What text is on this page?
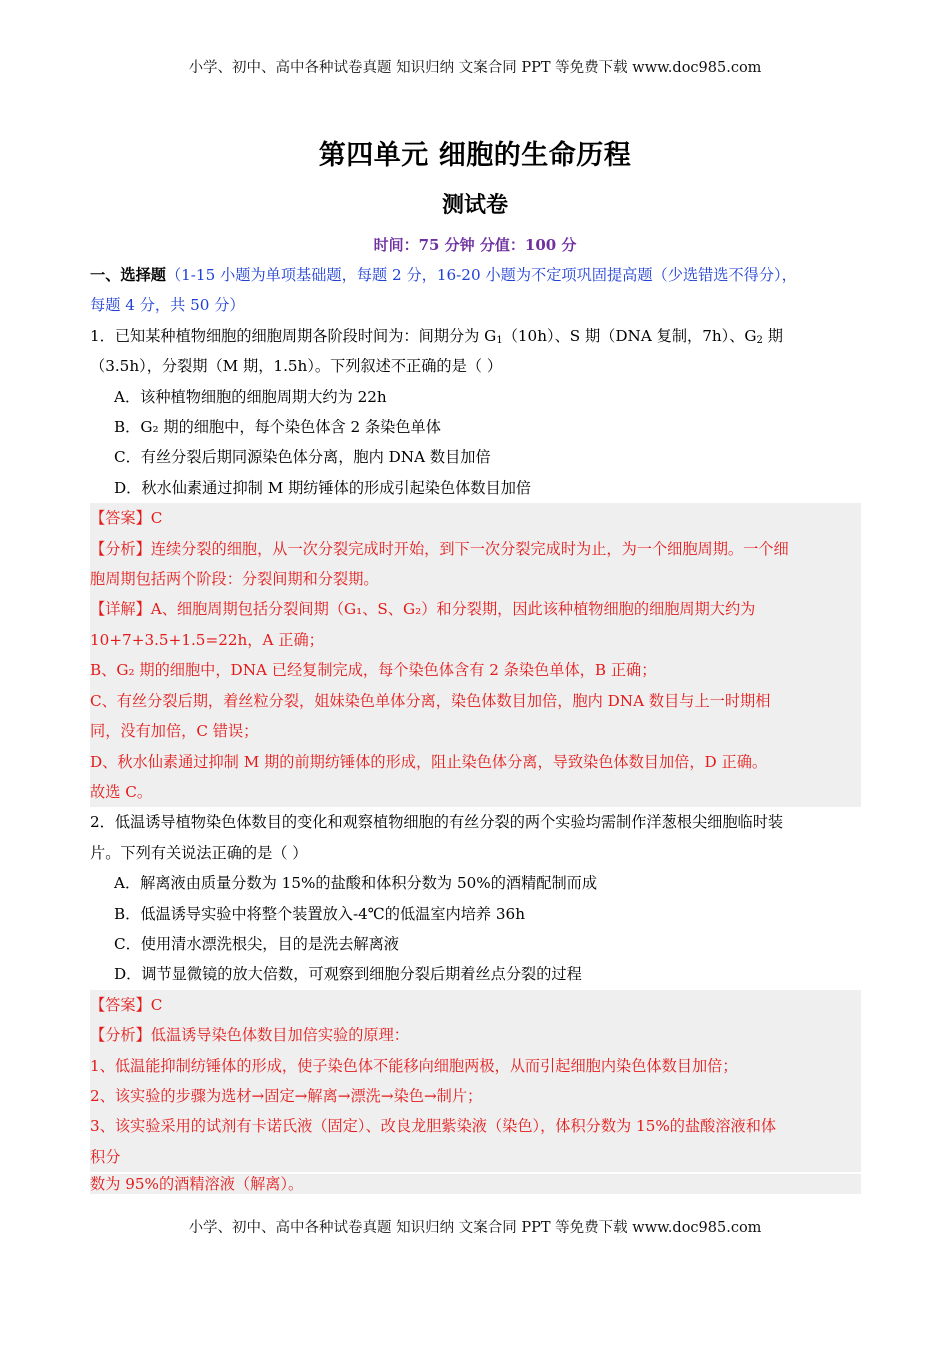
小学、初中、高中各种试卷真题 知识归纳 文案合同 PPT 等免费下载 www.doc985.com
第四单元 细胞的生命历程
测试卷
时间：75 分钟 分值：100 分
一、选择题（1-15 小题为单项基础题，每题 2 分，16-20 小题为不定项巩固提高题（少选错选不得分），
每题 4 分，共 50 分）
1．已知某种植物细胞的细胞周期各阶段时间为：间期分为 $G_1(10h)$、S 期（DNA 复制，7h）、$G_2$ 期
（3.5h），分裂期（M 期，1.5h）。下列叙述不正确的是（ ）
A．该种植物细胞的细胞周期大约为 22h
B．G₂ 期的细胞中，每个染色体含 2 条染色单体
C．有丝分裂后期同源染色体分离，胞内 DNA 数目加倍
D．秋水仙素通过抑制 M 期纺锤体的形成引起染色体数目加倍
【答案】C
【分析】连续分裂的细胞，从一次分裂完成时开始，到下一次分裂完成时为止，为一个细胞周期。一个细
胞周期包括两个阶段：分裂间期和分裂期。
【详解】A、细胞周期包括分裂间期（G₁、S、G₂）和分裂期，因此该种植物细胞的细胞周期大约为
10+7+3.5+1.5=22h，A 正确；
B、G₂ 期的细胞中，DNA 已经复制完成，每个染色体含有 2 条染色单体，B 正确；
C、有丝分裂后期，着丝粒分裂，姐妹染色单体分离，染色体数目加倍，胞内 DNA 数目与上一时期相
同，没有加倍，C 错误；
D、秋水仙素通过抑制 M 期的前期纺锤体的形成，阻止染色体分离，导致染色体数目加倍，D 正确。
故选 C。
2．低温诱导植物染色体数目的变化和观察植物细胞的有丝分裂的两个实验均需制作洋葱根尖细胞临时装
片。下列有关说法正确的是（ ）
A．解离液由质量分数为 15%的盐酸和体积分数为 50%的酒精配制而成
B．低温诱导实验中将整个装置放入-4℃的低温室内培养 36h
C．使用清水漂洗根尖，目的是洗去解离液
D．调节显微镜的放大倍数，可观察到细胞分裂后期着丝点分裂的过程
【答案】C
【分析】低温诱导染色体数目加倍实验的原理：
1、低温能抑制纺锤体的形成，使子染色体不能移向细胞两极，从而引起细胞内染色体数目加倍；
2、该实验的步骤为选材→固定→解离→漂洗→染色→制片；
3、该实验采用的试剂有卡诺氏液（固定）、改良龙胆紫染液（染色），体积分数为 15%的盐酸溶液和体
积分
数为 95%的酒精溶液（解离）。
小学、初中、高中各种试卷真题 知识归纳 文案合同 PPT 等免费下载 www.doc985.com
